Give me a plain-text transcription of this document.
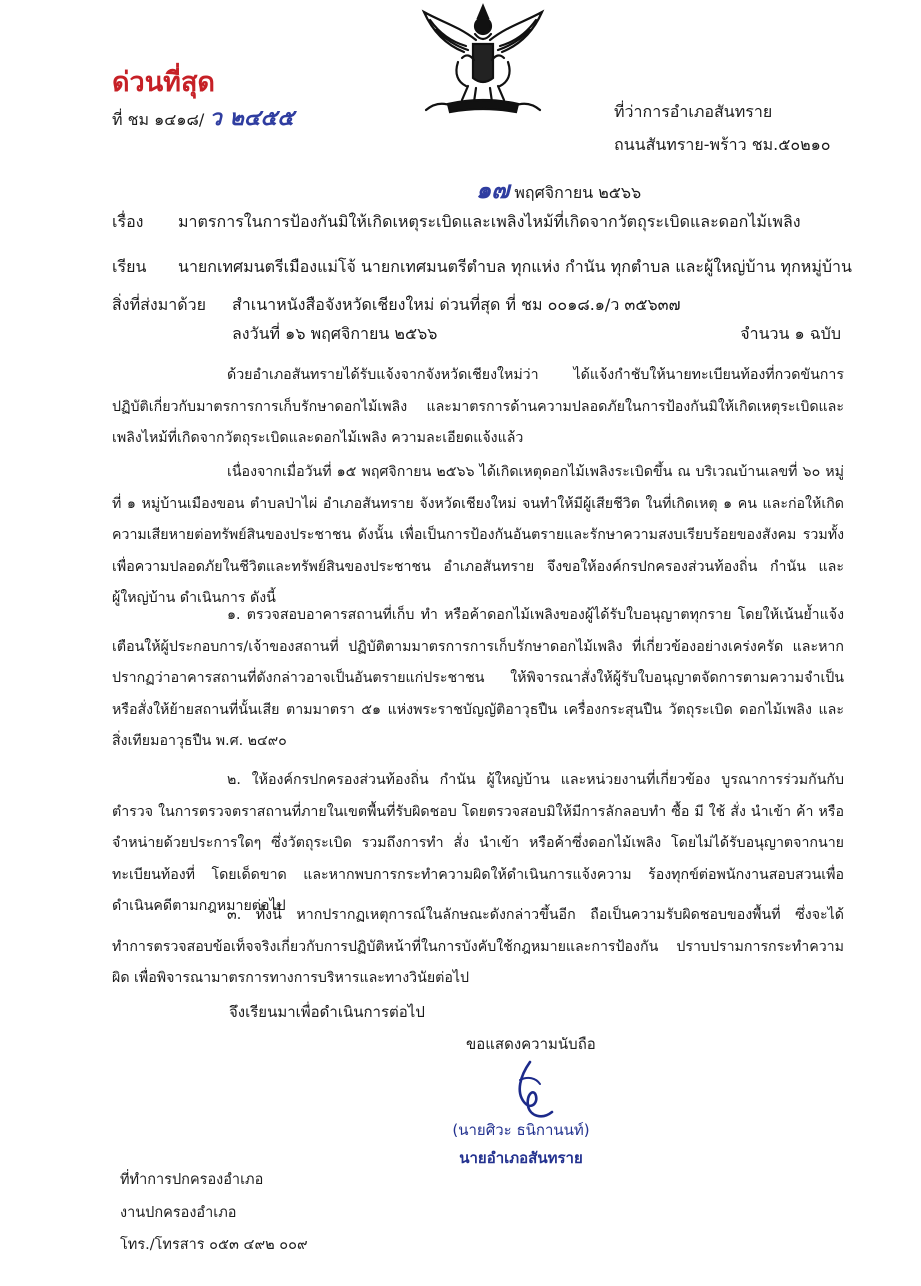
ด่วนที่สุด
ที่ ชม ๑๔๑๘/ ว ๒๔๕๕	ที่ว่าการอำเภอสันทราย
ถนนสันทราย-พร้าว ชม.๕๐๒๑๐
๑๗ พฤศจิกายน ๒๕๖๖
เรื่อง มาตรการในการป้องกันมิให้เกิดเหตุระเบิดและเพลิงไหม้ที่เกิดจากวัตถุระเบิดและดอกไม้เพลิง
เรียน นายกเทศมนตรีเมืองแม่โจ้ นายกเทศมนตรีตำบล ทุกแห่ง กำนัน ทุกตำบล และผู้ใหญ่บ้าน ทุกหมู่บ้าน
สิ่งที่ส่งมาด้วย สำเนาหนังสือจังหวัดเชียงใหม่ ด่วนที่สุด ที่ ชม ๐๐๑๘.๑/ว ๓๕๖๓๗
ลงวันที่ ๑๖ พฤศจิกายน ๒๕๖๖	จำนวน ๑ ฉบับ

ด้วยอำเภอสันทรายได้รับแจ้งจากจังหวัดเชียงใหม่ว่า ได้แจ้งกำชับให้นายทะเบียนท้องที่กวดขันการปฏิบัติเกี่ยวกับมาตรการการเก็บรักษาดอกไม้เพลิง และมาตรการด้านความปลอดภัยในการป้องกันมิให้เกิดเหตุระเบิดและเพลิงไหม้ที่เกิดจากวัตถุระเบิดและดอกไม้เพลิง ความละเอียดแจ้งแล้ว

เนื่องจากเมื่อวันที่ ๑๕ พฤศจิกายน ๒๕๖๖ ได้เกิดเหตุดอกไม้เพลิงระเบิดขึ้น ณ บริเวณบ้านเลขที่ ๖๐ หมู่ที่ ๑ หมู่บ้านเมืองขอน ตำบลป่าไผ่ อำเภอสันทราย จังหวัดเชียงใหม่ จนทำให้มีผู้เสียชีวิต ในที่เกิดเหตุ ๑ คน และก่อให้เกิดความเสียหายต่อทรัพย์สินของประชาชน ดังนั้น เพื่อเป็นการป้องกันอันตรายและรักษาความสงบเรียบร้อยของสังคม รวมทั้งเพื่อความปลอดภัยในชีวิตและทรัพย์สินของประชาชน อำเภอสันทราย จึงขอให้องค์กรปกครองส่วนท้องถิ่น กำนัน และผู้ใหญ่บ้าน ดำเนินการ ดังนี้

๑. ตรวจสอบอาคารสถานที่เก็บ ทำ หรือค้าดอกไม้เพลิงของผู้ได้รับใบอนุญาตทุกราย โดยให้เน้นย้ำแจ้งเตือนให้ผู้ประกอบการ/เจ้าของสถานที่ ปฏิบัติตามมาตรการการเก็บรักษาดอกไม้เพลิง ที่เกี่ยวข้องอย่างเคร่งครัด และหากปรากฏว่าอาคารสถานที่ดังกล่าวอาจเป็นอันตรายแก่ประชาชน ให้พิจารณาสั่งให้ผู้รับใบอนุญาตจัดการตามความจำเป็น หรือสั่งให้ย้ายสถานที่นั้นเสีย ตามมาตรา ๕๑ แห่งพระราชบัญญัติอาวุธปืน เครื่องกระสุนปืน วัตถุระเบิด ดอกไม้เพลิง และสิ่งเทียมอาวุธปืน พ.ศ. ๒๔๙๐

๒. ให้องค์กรปกครองส่วนท้องถิ่น กำนัน ผู้ใหญ่บ้าน และหน่วยงานที่เกี่ยวข้อง บูรณาการร่วมกันกับตำรวจ ในการตรวจตราสถานที่ภายในเขตพื้นที่รับผิดชอบ โดยตรวจสอบมิให้มีการลักลอบทำ ซื้อ มี ใช้ สั่ง นำเข้า ค้า หรือจำหน่ายด้วยประการใดๆ ซึ่งวัตถุระเบิด รวมถึงการทำ สั่ง นำเข้า หรือค้าซึ่งดอกไม้เพลิง โดยไม่ได้รับอนุญาตจากนายทะเบียนท้องที่ โดยเด็ดขาด และหากพบการกระทำความผิดให้ดำเนินการแจ้งความ ร้องทุกข์ต่อพนักงานสอบสวนเพื่อดำเนินคดีตามกฎหมายต่อไป

๓. ทั้งนี้ หากปรากฏเหตุการณ์ในลักษณะดังกล่าวขึ้นอีก ถือเป็นความรับผิดชอบของพื้นที่ ซึ่งจะได้ทำการตรวจสอบข้อเท็จจริงเกี่ยวกับการปฏิบัติหน้าที่ในการบังคับใช้กฎหมายและการป้องกัน ปราบปรามการกระทำความผิด เพื่อพิจารณามาตรการทางการบริหารและทางวินัยต่อไป

จึงเรียนมาเพื่อดำเนินการต่อไป
ขอแสดงความนับถือ
(นายศิวะ ธนิกานนท์)
นายอำเภอสันทราย
ที่ทำการปกครองอำเภอ
งานปกครองอำเภอ
โทร./โทรสาร ๐๕๓ ๔๙๒ ๐๐๙
